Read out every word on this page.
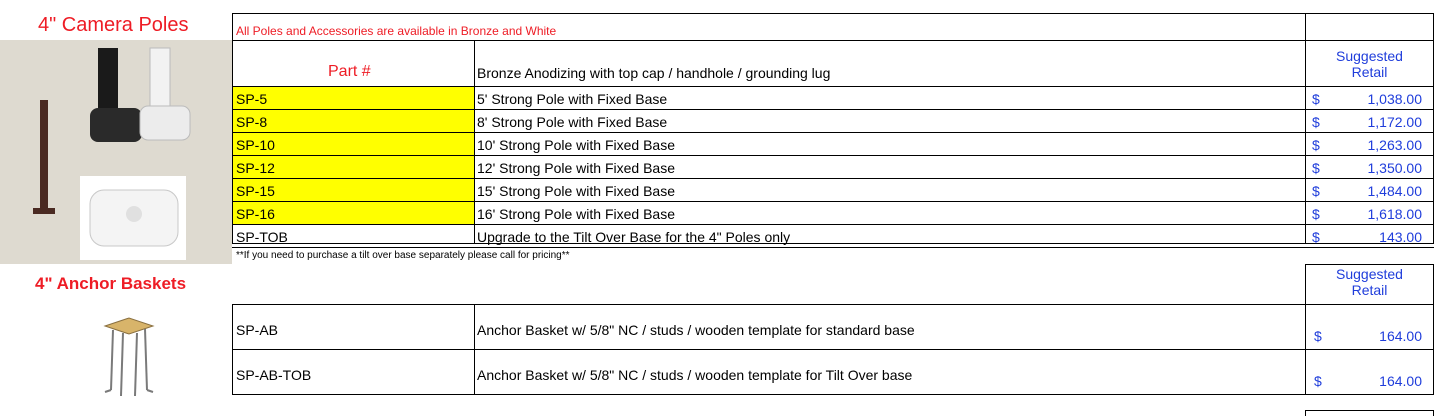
4" Camera Poles	All Poles and Accessories are available in Bronze and White
Part #	Bronze Anodizing with top cap / handhole / grounding lug
Suggested
Retail
SP-5	5' Strong Pole with Fixed Base	$	1,038.00
SP-8	8' Strong Pole with Fixed Base	$	1,172.00
SP-10	10' Strong Pole with Fixed Base	$	1,263.00
SP-12	12' Strong Pole with Fixed Base	$	1,350.00
SP-15	15' Strong Pole with Fixed Base	$	1,484.00
SP-16	16' Strong Pole with Fixed Base	$	1,618.00
SP-TOB	Upgrade to the Tilt Over Base for the 4" Poles only	$	143.00
**If you need to purchase a tilt over base separately please call for pricing**
4" Anchor Baskets	Suggested
Retail
SP-AB	Anchor Basket w/ 5/8" NC / studs / wooden template for standard base	$	164.00
SP-AB-TOB	Anchor Basket w/ 5/8" NC / studs / wooden template for Tilt Over base	$	164.00
